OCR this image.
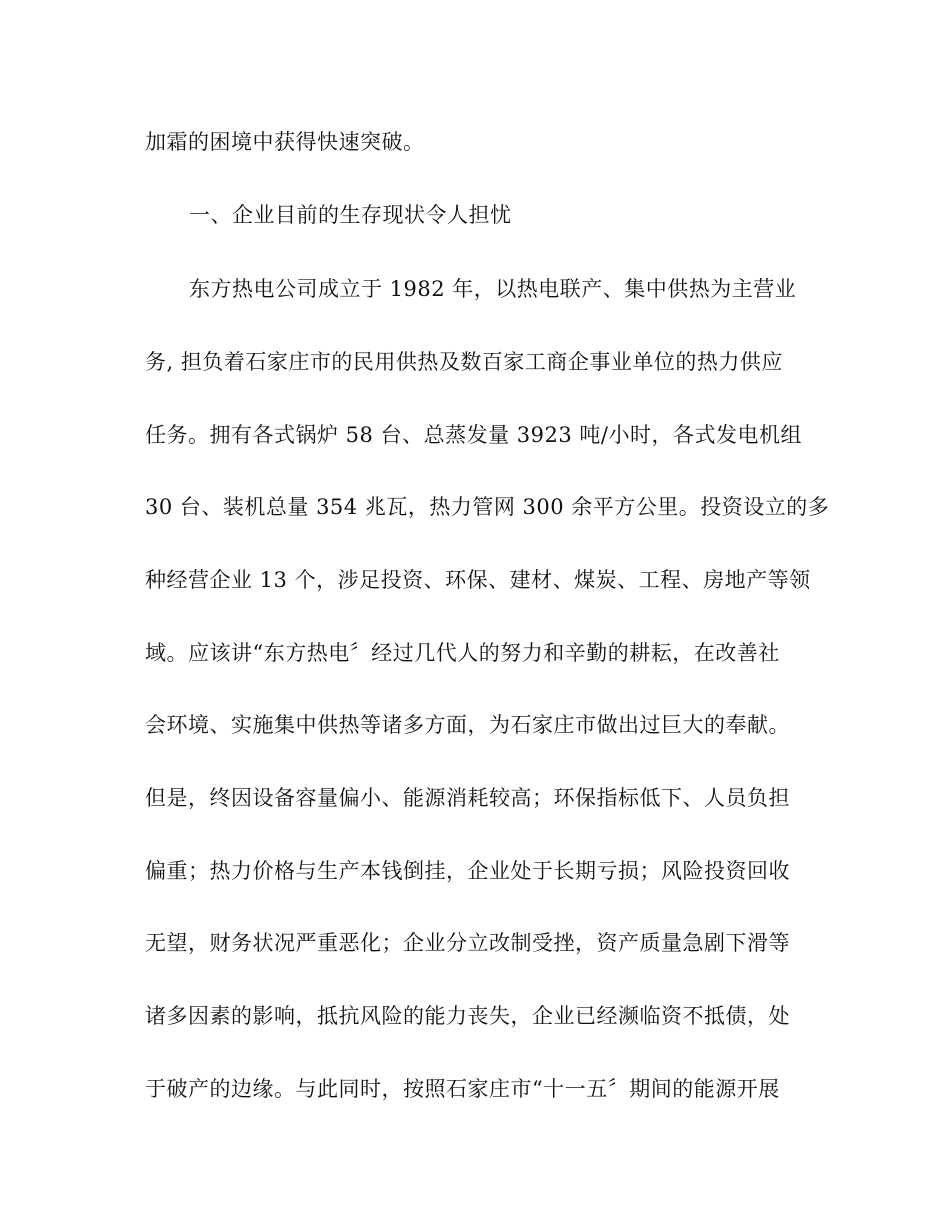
加霜的困境中获得快速突破。
一、企业目前的生存现状令人担忧
东方热电公司成立于 1982 年，以热电联产、集中供热为主营业
务, 担负着石家庄市的民用供热及数百家工商企事业单位的热力供应
任务。拥有各式锅炉 58 台、总蒸发量 3923 吨/小时，各式发电机组
30 台、装机总量 354 兆瓦，热力管网 300 余平方公里。投资设立的多
种经营企业 13 个，涉足投资、环保、建材、煤炭、工程、房地产等领
域。应该讲“东方热电〞经过几代人的努力和辛勤的耕耘，在改善社
会环境、实施集中供热等诸多方面，为石家庄市做出过巨大的奉献。
但是，终因设备容量偏小、能源消耗较高；环保指标低下、人员负担
偏重；热力价格与生产本钱倒挂，企业处于长期亏损；风险投资回收
无望，财务状况严重恶化；企业分立改制受挫，资产质量急剧下滑等
诸多因素的影响，抵抗风险的能力丧失，企业已经濒临资不抵债，处
于破产的边缘。与此同时，按照石家庄市“十一五〞期间的能源开展
